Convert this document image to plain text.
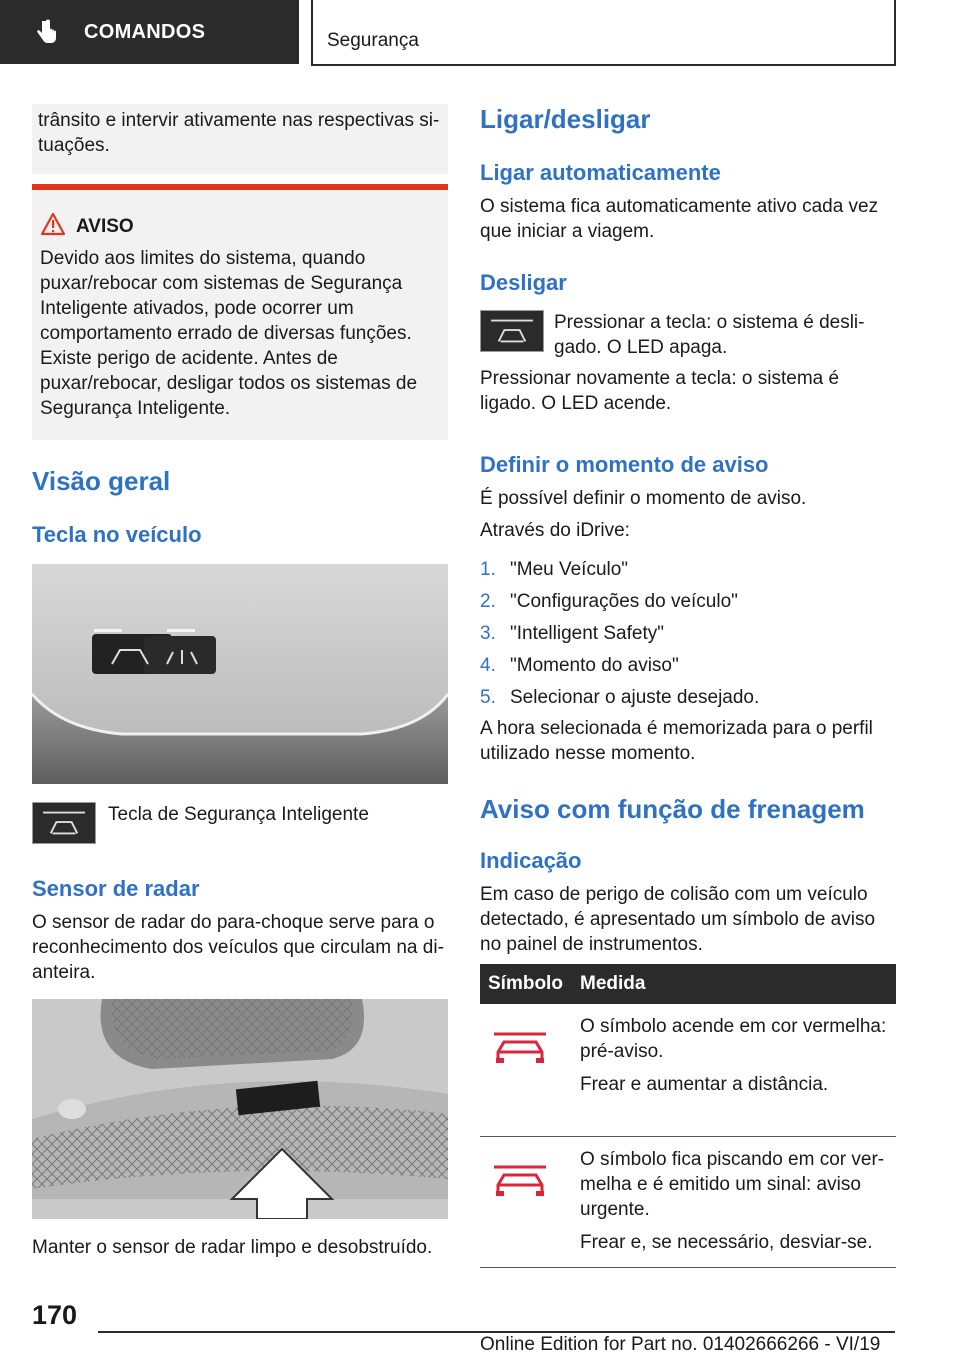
COMANDOS	Segurança

trânsito e intervir ativamente nas respectivas situações.

AVISO

Devido aos limites do sistema, quando puxar/rebocar com sistemas de Segurança Inteligente ativados, pode ocorrer um comportamento errado de diversas funções. Existe perigo de acidente. Antes de puxar/rebocar, desligar todos os sistemas de Segurança Inteligente.

Visão geral
Tecla no veículo

Tecla de Segurança Inteligente

Sensor de radar

O sensor de radar do para-choque serve para o reconhecimento dos veículos que circulam na dianteira.

Manter o sensor de radar limpo e desobstruído.

Ligar/desligar
Ligar automaticamente

O sistema fica automaticamente ativo cada vez que iniciar a viagem.

Desligar

Pressionar a tecla: o sistema é desligado. O LED apaga.

Pressionar novamente a tecla: o sistema é ligado. O LED acende.

Definir o momento de aviso

É possível definir o momento de aviso.

Através do iDrive:

1. "Meu Veículo"
2. "Configurações do veículo"
3. "Intelligent Safety"
4. "Momento do aviso"
5. Selecionar o ajuste desejado.

A hora selecionada é memorizada para o perfil utilizado nesse momento.

Aviso com função de frenagem
Indicação

Em caso de perigo de colisão com um veículo detectado, é apresentado um símbolo de aviso no painel de instrumentos.

Símbolo	Medida

O símbolo acende em cor vermelha: pré-aviso.

Frear e aumentar a distância.

O símbolo fica piscando em cor vermelha e é emitido um sinal: aviso urgente.

Frear e, se necessário, desviar-se.

170
Online Edition for Part no. 01402666266 - VI/19
